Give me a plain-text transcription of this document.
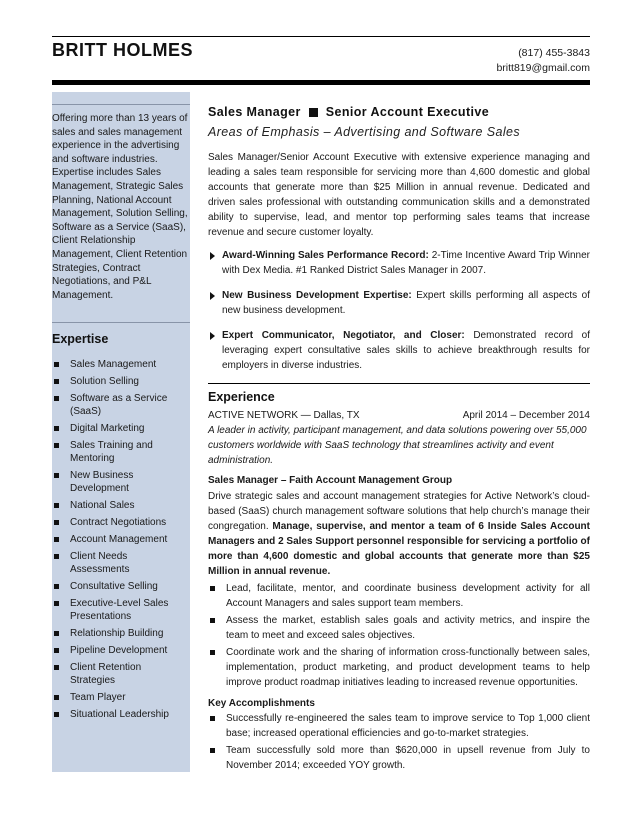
BRITT HOLMES	(817) 455-3843
britt819@gmail.com
Offering more than 13 years of sales and sales management experience in the advertising and software industries. Expertise includes Sales Management, Strategic Sales Planning, National Account Management, Solution Selling, Software as a Service (SaaS), Client Relationship Management, Client Retention Strategies, Contract Negotiations, and P&L Management.
Expertise
Sales Management
Solution Selling
Software as a Service (SaaS)
Digital Marketing
Sales Training and Mentoring
New Business Development
National Sales
Contract Negotiations
Account Management
Client Needs Assessments
Consultative Selling
Executive-Level Sales Presentations
Relationship Building
Pipeline Development
Client Retention Strategies
Team Player
Situational Leadership
Sales Manager Senior Account Executive
Areas of Emphasis – Advertising and Software Sales
Sales Manager/Senior Account Executive with extensive experience managing and leading a sales team responsible for servicing more than 4,600 domestic and global accounts that generate more than $25 Million in annual revenue. Dedicated and driven sales professional with outstanding communication skills and a demonstrated ability to supervise, lead, and mentor top performing sales teams that increase revenue and secure customer loyalty.
Award-Winning Sales Performance Record: 2-Time Incentive Award Trip Winner with Dex Media. #1 Ranked District Sales Manager in 2007.
New Business Development Expertise: Expert skills performing all aspects of new business development.
Expert Communicator, Negotiator, and Closer: Demonstrated record of leveraging expert consultative sales skills to achieve breakthrough results for employers in diverse industries.
Experience
ACTIVE NETWORK — Dallas, TX	April 2014 – December 2014
A leader in activity, participant management, and data solutions powering over 55,000 customers worldwide with SaaS technology that streamlines activity and event administration.
Sales Manager – Faith Account Management Group
Drive strategic sales and account management strategies for Active Network’s cloud-based (SaaS) church management software solutions that help church’s manage their congregation. Manage, supervise, and mentor a team of 6 Inside Sales Account Managers and 2 Sales Support personnel responsible for servicing a portfolio of more than 4,600 domestic and global accounts that generate more than $25 Million in annual revenue.
Lead, facilitate, mentor, and coordinate business development activity for all Account Managers and sales support team members.
Assess the market, establish sales goals and activity metrics, and inspire the team to meet and exceed sales objectives.
Coordinate work and the sharing of information cross-functionally between sales, implementation, product marketing, and product development teams to help improve product roadmap initiatives leading to increased revenue opportunities.
Key Accomplishments
Successfully re-engineered the sales team to improve service to Top 1,000 client base; increased operational efficiencies and go-to-market strategies.
Team successfully sold more than $620,000 in upsell revenue from July to November 2014; exceeded YOY growth.
